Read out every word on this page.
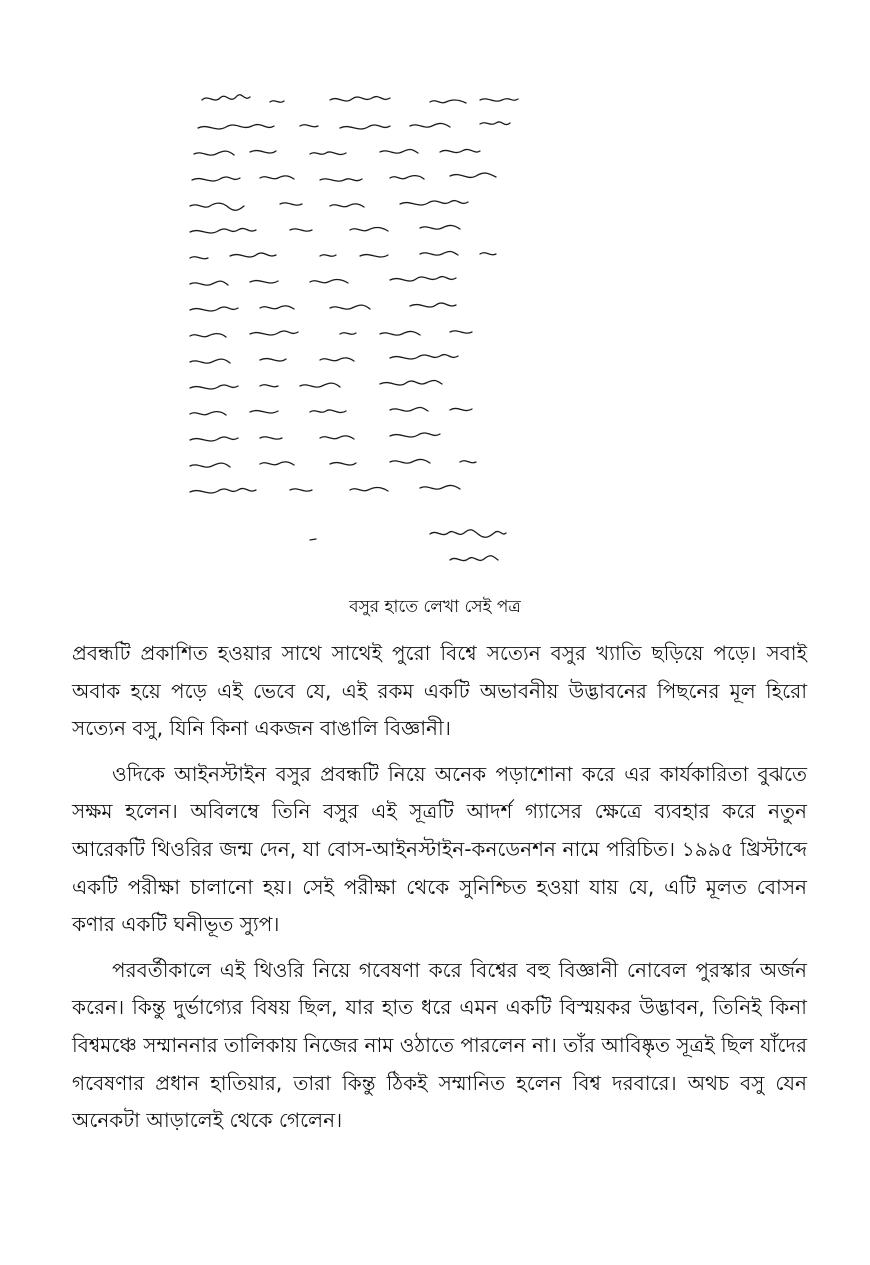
বসুর হাতে লেখা সেই পত্র

প্রবন্ধটি প্রকাশিত হওয়ার সাথে সাথেই পুরো বিশ্বে সত্যেন বসুর খ্যাতি ছড়িয়ে পড়ে। সবাই অবাক হয়ে পড়ে এই ভেবে যে, এই রকম একটি অভাবনীয় উদ্ভাবনের পিছনের মূল হিরো সত্যেন বসু, যিনি কিনা একজন বাঙালি বিজ্ঞানী।

ওদিকে আইনস্টাইন বসুর প্রবন্ধটি নিয়ে অনেক পড়াশোনা করে এর কার্যকারিতা বুঝতে সক্ষম হলেন। অবিলম্বে তিনি বসুর এই সূত্রটি আদর্শ গ্যাসের ক্ষেত্রে ব্যবহার করে নতুন আরেকটি থিওরির জন্ম দেন, যা বোস-আইনস্টাইন-কনডেনশন নামে পরিচিত। ১৯৯৫ খ্রিস্টাব্দে একটি পরীক্ষা চালানো হয়। সেই পরীক্ষা থেকে সুনিশ্চিত হওয়া যায় যে, এটি মূলত বোসন কণার একটি ঘনীভূত স্যুপ।

পরবর্তীকালে এই থিওরি নিয়ে গবেষণা করে বিশ্বের বহু বিজ্ঞানী নোবেল পুরস্কার অর্জন করেন। কিন্তু দুর্ভাগ্যের বিষয় ছিল, যার হাত ধরে এমন একটি বিস্ময়কর উদ্ভাবন, তিনিই কিনা বিশ্বমঞ্চে সম্মাননার তালিকায় নিজের নাম ওঠাতে পারলেন না। তাঁর আবিষ্কৃত সূত্রই ছিল যাঁদের গবেষণার প্রধান হাতিয়ার, তারা কিন্তু ঠিকই সম্মানিত হলেন বিশ্ব দরবারে। অথচ বসু যেন অনেকটা আড়ালেই থেকে গেলেন।
